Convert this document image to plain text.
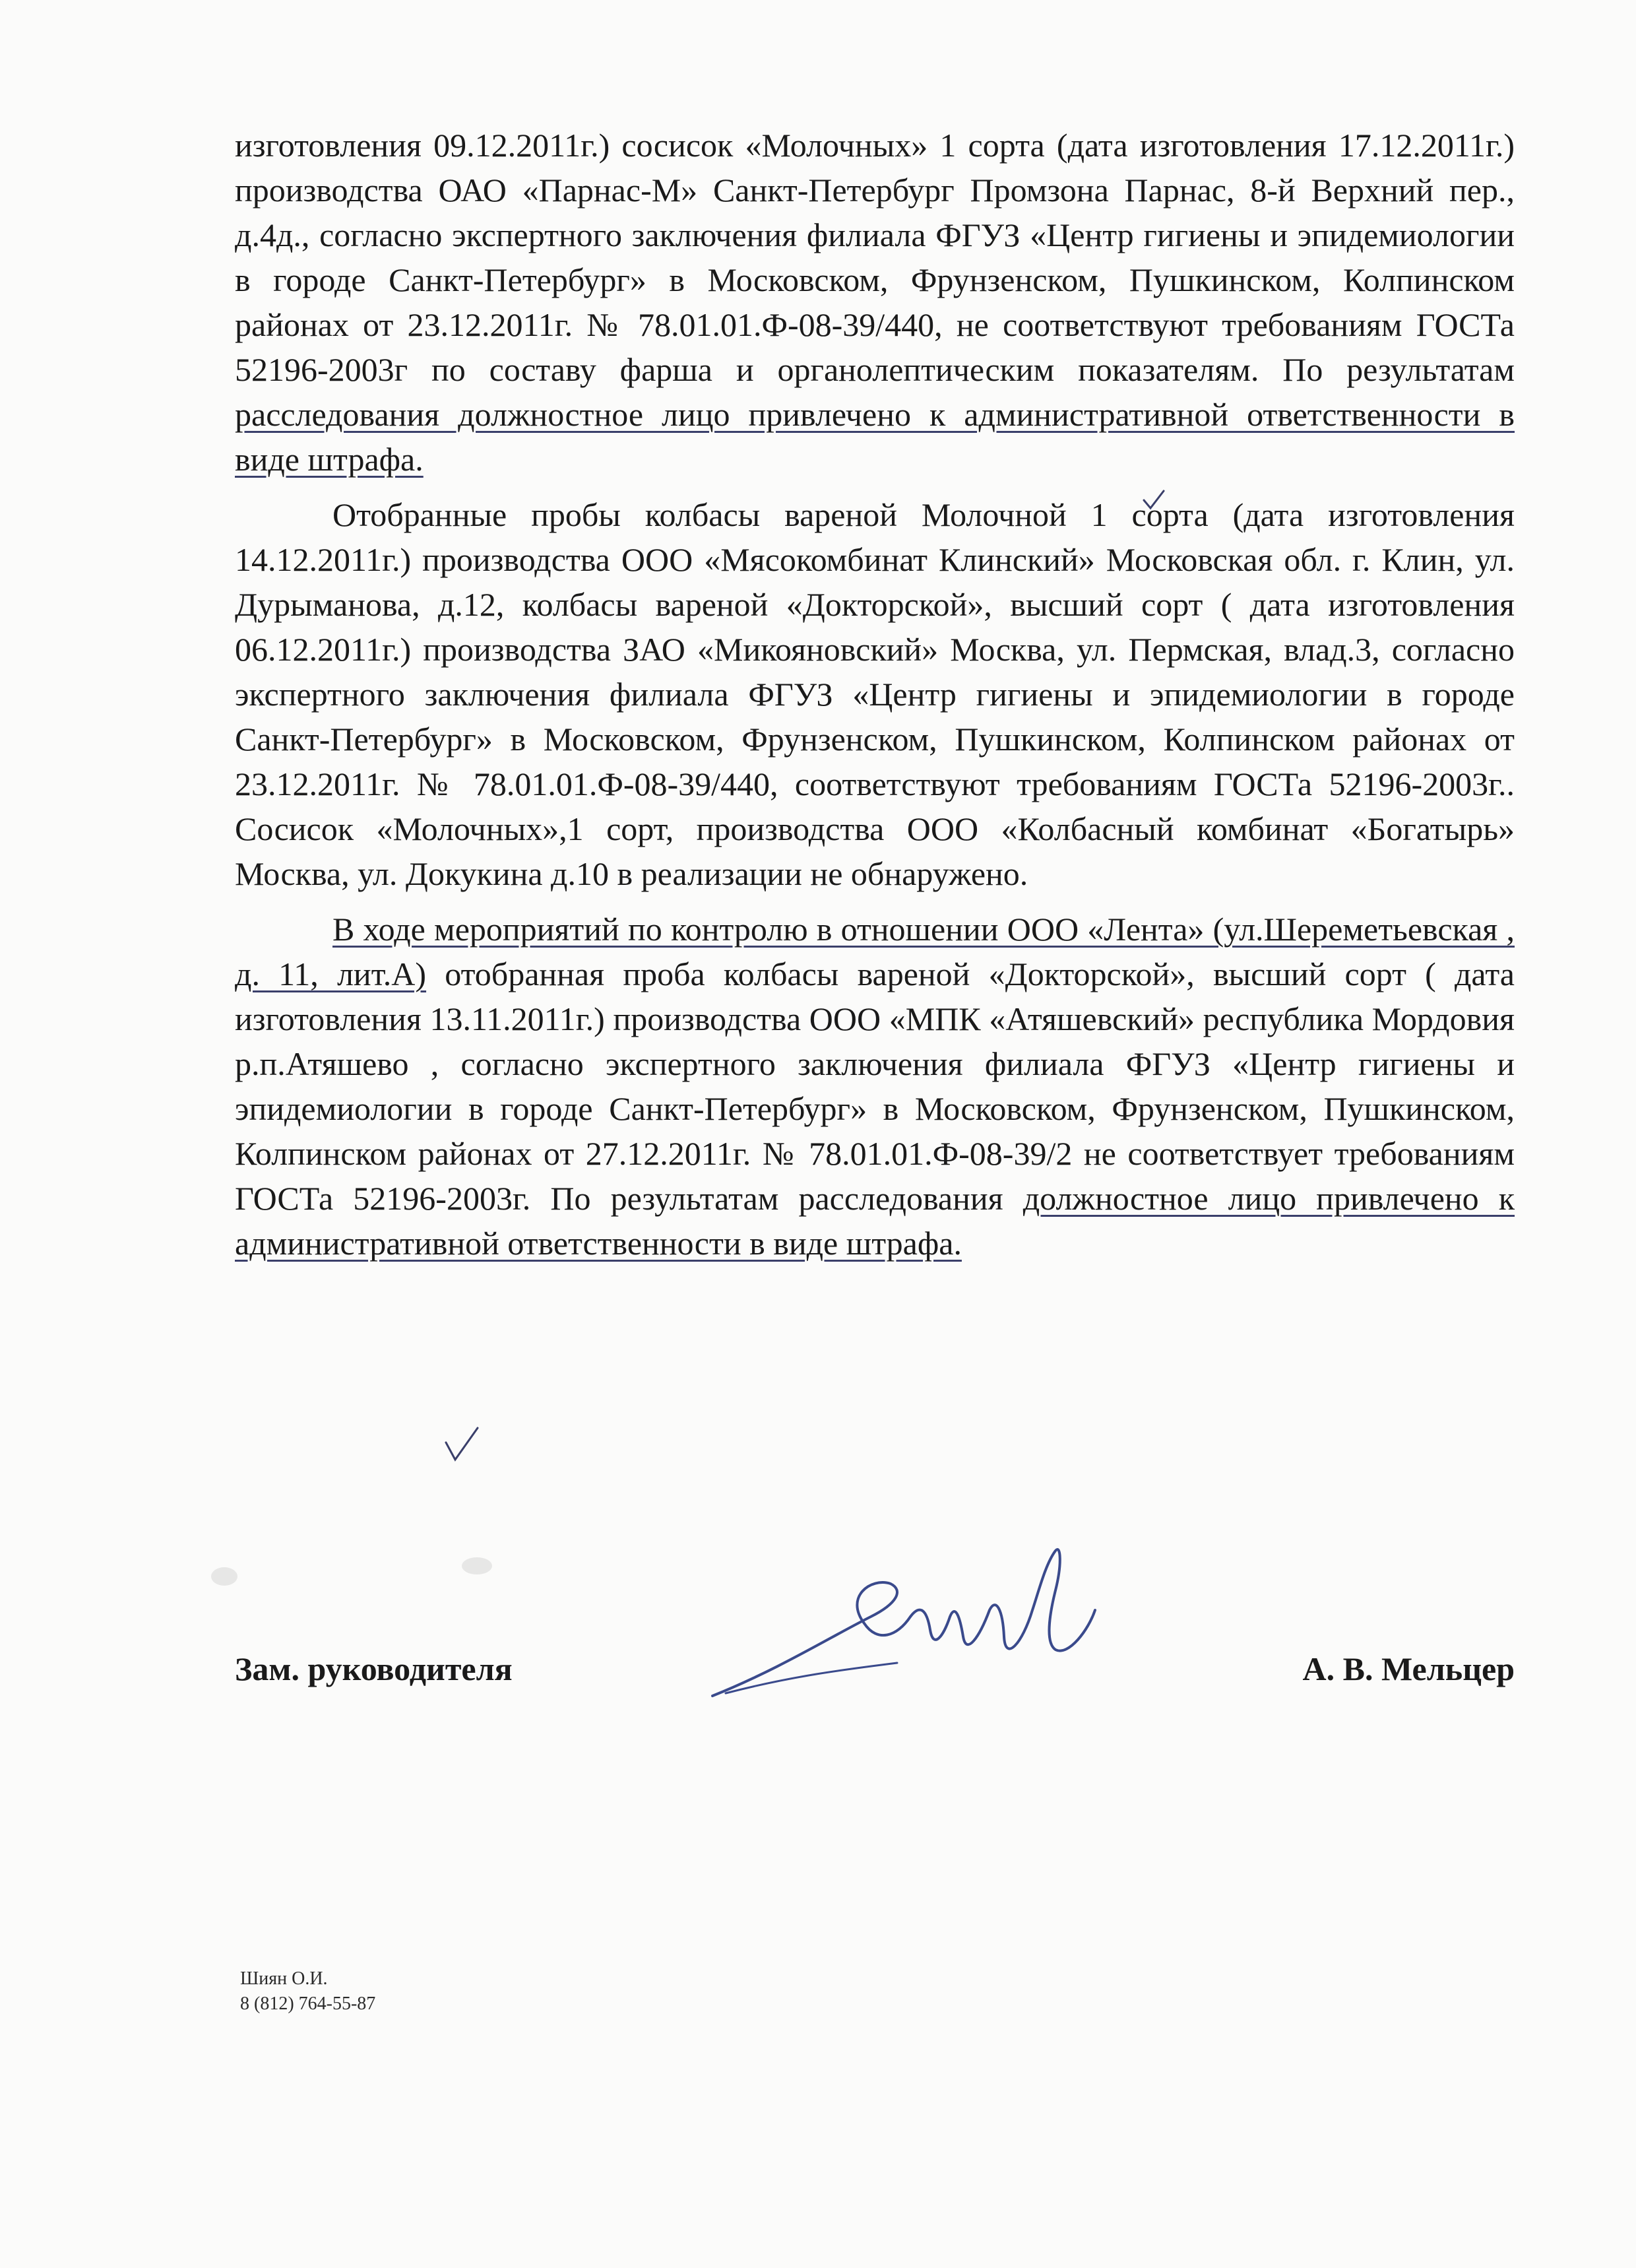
изготовления 09.12.2011г.) сосисок «Молочных» 1 сорта (дата изготовления 17.12.2011г.) производства ОАО «Парнас-М» Санкт-Петербург Промзона Парнас, 8-й Верхний пер., д.4д., согласно экспертного заключения филиала ФГУЗ «Центр гигиены и эпидемиологии в городе Санкт-Петербург» в Московском, Фрунзенском, Пушкинском, Колпинском районах от 23.12.2011г. № 78.01.01.Ф-08-39/440, не соответствуют требованиям ГОСТа 52196-2003г по составу фарша и органолептическим показателям. По результатам расследования должностное лицо привлечено к административной ответственности в виде штрафа.

Отобранные пробы колбасы вареной Молочной 1 сорта (дата изготовления 14.12.2011г.) производства ООО «Мясокомбинат Клинский» Московская обл. г. Клин, ул. Дурыманова, д.12, колбасы вареной «Докторской», высший сорт ( дата изготовления 06.12.2011г.) производства ЗАО «Микояновский» Москва, ул. Пермская, влад.3, согласно экспертного заключения филиала ФГУЗ «Центр гигиены и эпидемиологии в городе Санкт-Петербург» в Московском, Фрунзенском, Пушкинском, Колпинском районах от 23.12.2011г. № 78.01.01.Ф-08-39/440, соответствуют требованиям ГОСТа 52196-2003г.. Сосисок «Молочных»,1 сорт, производства ООО «Колбасный комбинат «Богатырь» Москва, ул. Докукина д.10 в реализации не обнаружено.

В ходе мероприятий по контролю в отношении ООО «Лента» (ул.Шереметьевская , д. 11, лит.А) отобранная проба колбасы вареной «Докторской», высший сорт ( дата изготовления 13.11.2011г.) производства ООО «МПК «Атяшевский» республика Мордовия р.п.Атяшево , согласно экспертного заключения филиала ФГУЗ «Центр гигиены и эпидемиологии в городе Санкт-Петербург» в Московском, Фрунзенском, Пушкинском, Колпинском районах от 27.12.2011г. № 78.01.01.Ф-08-39/2 не соответствует требованиям ГОСТа 52196-2003г. По результатам расследования должностное лицо привлечено к административной ответственности в виде штрафа.

Зам. руководителя	А. В. Мельцер
Шиян О.И.
8 (812) 764-55-87
